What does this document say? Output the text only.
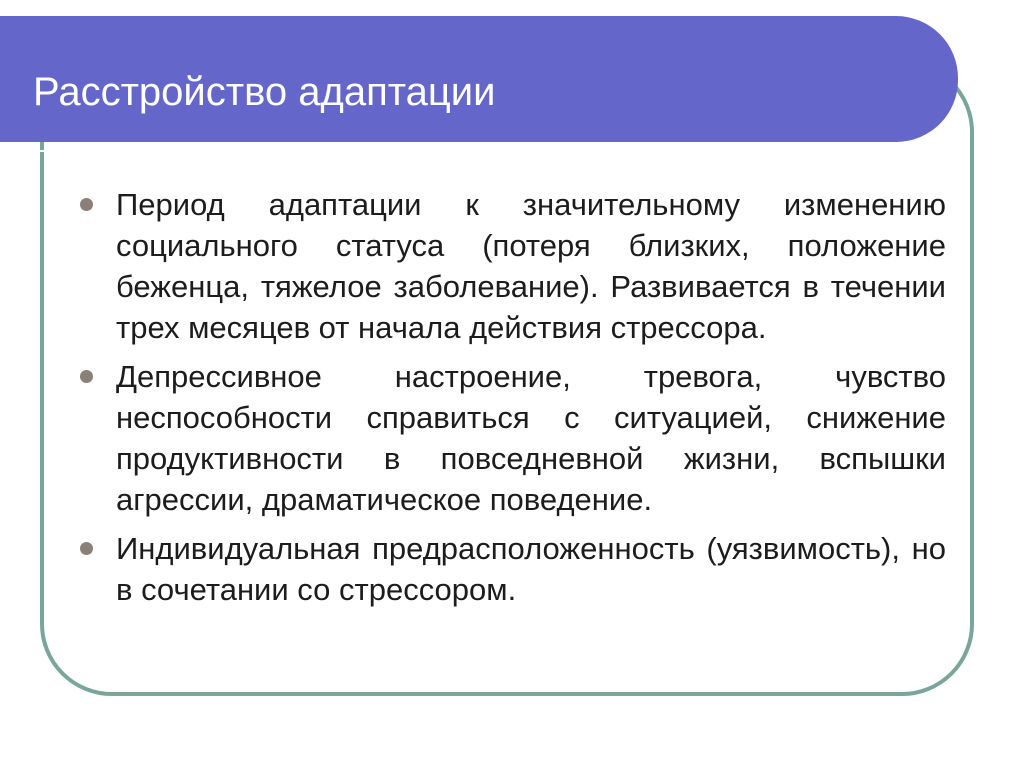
Расстройство адаптации
Период адаптации к значительному изменению социального статуса (потеря близких, положение беженца, тяжелое заболевание). Развивается в течении трех месяцев от начала действия стрессора.
Депрессивное настроение, тревога, чувство неспособности справиться с ситуацией, снижение продуктивности в повседневной жизни, вспышки агрессии, драматическое поведение.
Индивидуальная предрасположенность (уязвимость), но в сочетании со стрессором.
